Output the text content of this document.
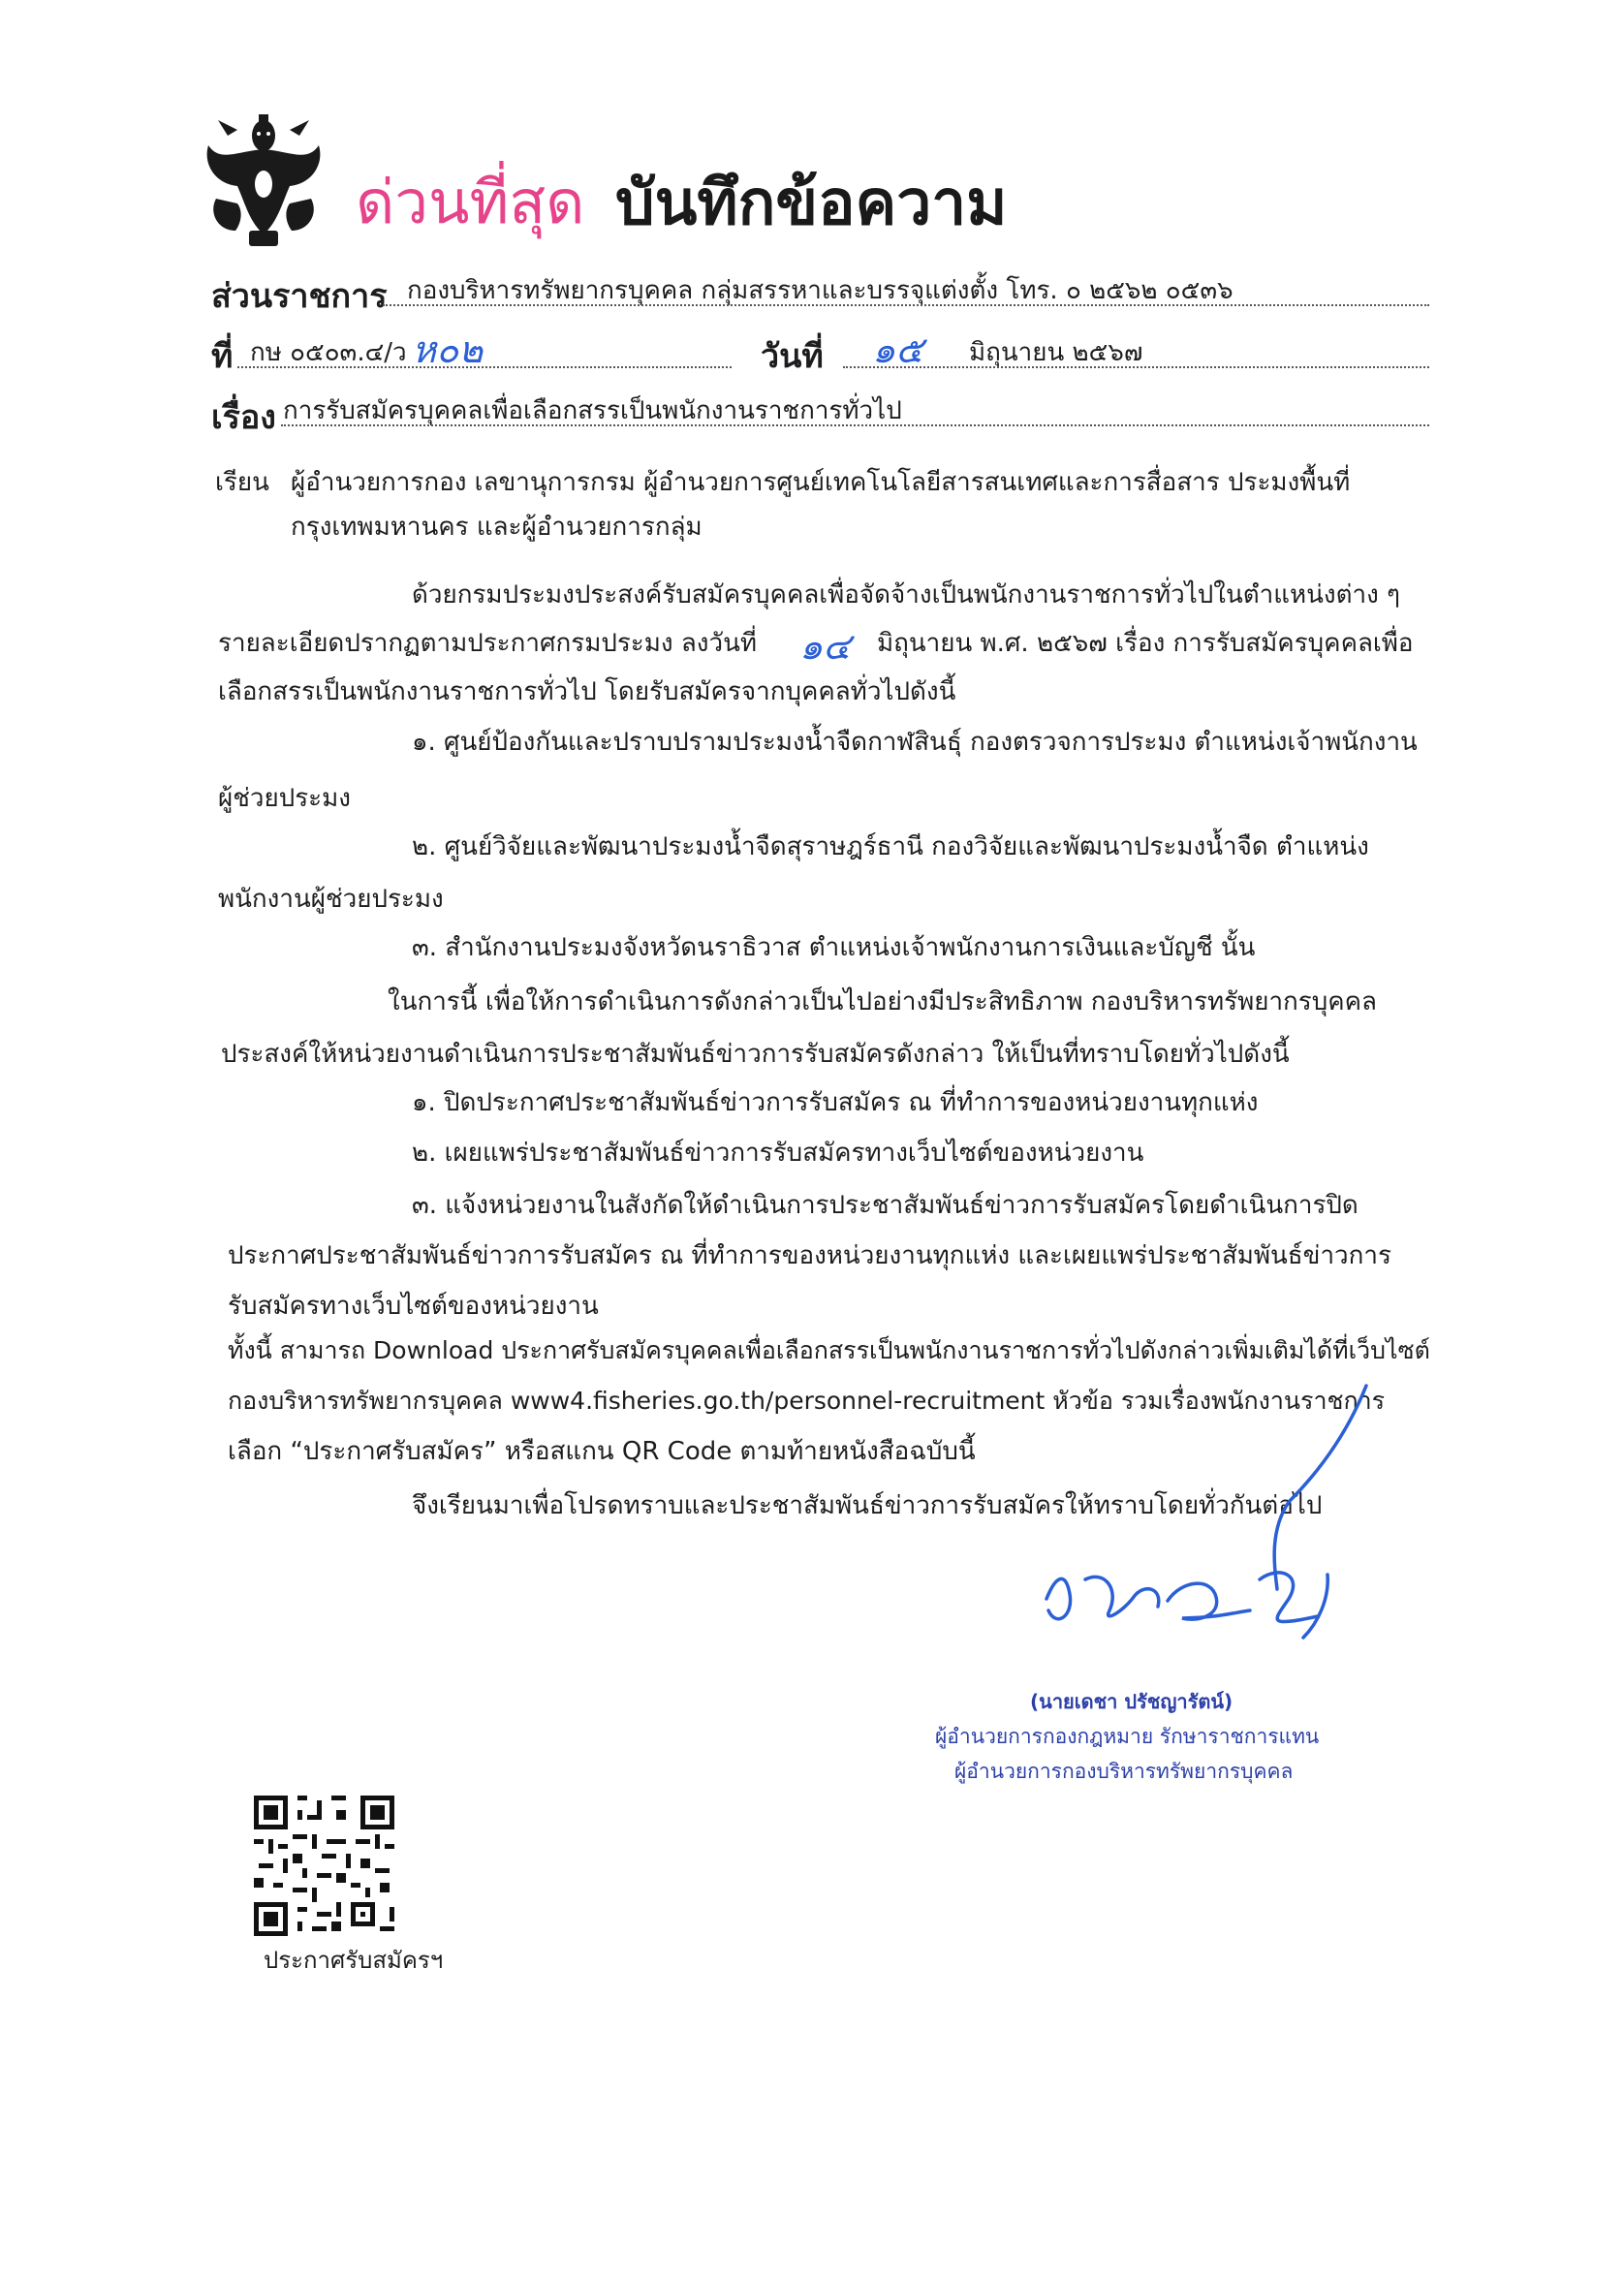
ด่วนที่สุด บันทึกข้อความ
ส่วนราชการ กองบริหารทรัพยากรบุคคล กลุ่มสรรหาและบรรจุแต่งตั้ง โทร. ๐ ๒๕๖๒ ๐๕๓๖
ที่ กษ ๐๕๐๓.๔/ว ห๐๒	วันที่ ๑๕ มิถุนายน ๒๕๖๗
เรื่อง การรับสมัครบุคคลเพื่อเลือกสรรเป็นพนักงานราชการทั่วไป
เรียน ผู้อำนวยการกอง เลขานุการกรม ผู้อำนวยการศูนย์เทคโนโลยีสารสนเทศและการสื่อสาร ประมงพื้นที่
กรุงเทพมหานคร และผู้อำนวยการกลุ่ม
ด้วยกรมประมงประสงค์รับสมัครบุคคลเพื่อจัดจ้างเป็นพนักงานราชการทั่วไปในตำแหน่งต่าง ๆ
รายละเอียดปรากฏตามประกาศกรมประมง ลงวันที่ ๑๔ มิถุนายน พ.ศ. ๒๕๖๗ เรื่อง การรับสมัครบุคคลเพื่อ
เลือกสรรเป็นพนักงานราชการทั่วไป โดยรับสมัครจากบุคคลทั่วไปดังนี้
๑. ศูนย์ป้องกันและปราบปรามประมงน้ำจืดกาฬสินธุ์ กองตรวจการประมง ตำแหน่งเจ้าพนักงาน
ผู้ช่วยประมง
๒. ศูนย์วิจัยและพัฒนาประมงน้ำจืดสุราษฎร์ธานี กองวิจัยและพัฒนาประมงน้ำจืด ตำแหน่ง
พนักงานผู้ช่วยประมง
๓. สำนักงานประมงจังหวัดนราธิวาส ตำแหน่งเจ้าพนักงานการเงินและบัญชี นั้น
ในการนี้ เพื่อให้การดำเนินการดังกล่าวเป็นไปอย่างมีประสิทธิภาพ กองบริหารทรัพยากรบุคคล
ประสงค์ให้หน่วยงานดำเนินการประชาสัมพันธ์ข่าวการรับสมัครดังกล่าว ให้เป็นที่ทราบโดยทั่วไปดังนี้
๑. ปิดประกาศประชาสัมพันธ์ข่าวการรับสมัคร ณ ที่ทำการของหน่วยงานทุกแห่ง
๒. เผยแพร่ประชาสัมพันธ์ข่าวการรับสมัครทางเว็บไซต์ของหน่วยงาน
๓. แจ้งหน่วยงานในสังกัดให้ดำเนินการประชาสัมพันธ์ข่าวการรับสมัครโดยดำเนินการปิด
ประกาศประชาสัมพันธ์ข่าวการรับสมัคร ณ ที่ทำการของหน่วยงานทุกแห่ง และเผยแพร่ประชาสัมพันธ์ข่าวการ
รับสมัครทางเว็บไซต์ของหน่วยงาน
ทั้งนี้ สามารถ Download ประกาศรับสมัครบุคคลเพื่อเลือกสรรเป็นพนักงานราชการทั่วไปดังกล่าวเพิ่มเติมได้ที่เว็บไซต์
กองบริหารทรัพยากรบุคคล www4.fisheries.go.th/personnel-recruitment หัวข้อ รวมเรื่องพนักงานราชการ
เลือก “ประกาศรับสมัคร” หรือสแกน QR Code ตามท้ายหนังสือฉบับนี้
จึงเรียนมาเพื่อโปรดทราบและประชาสัมพันธ์ข่าวการรับสมัครให้ทราบโดยทั่วกันต่อไป
(นายเดชา ปรัชญารัตน์)
ผู้อำนวยการกองกฎหมาย รักษาราชการแทน
ผู้อำนวยการกองบริหารทรัพยากรบุคคล
ประกาศรับสมัครฯ
